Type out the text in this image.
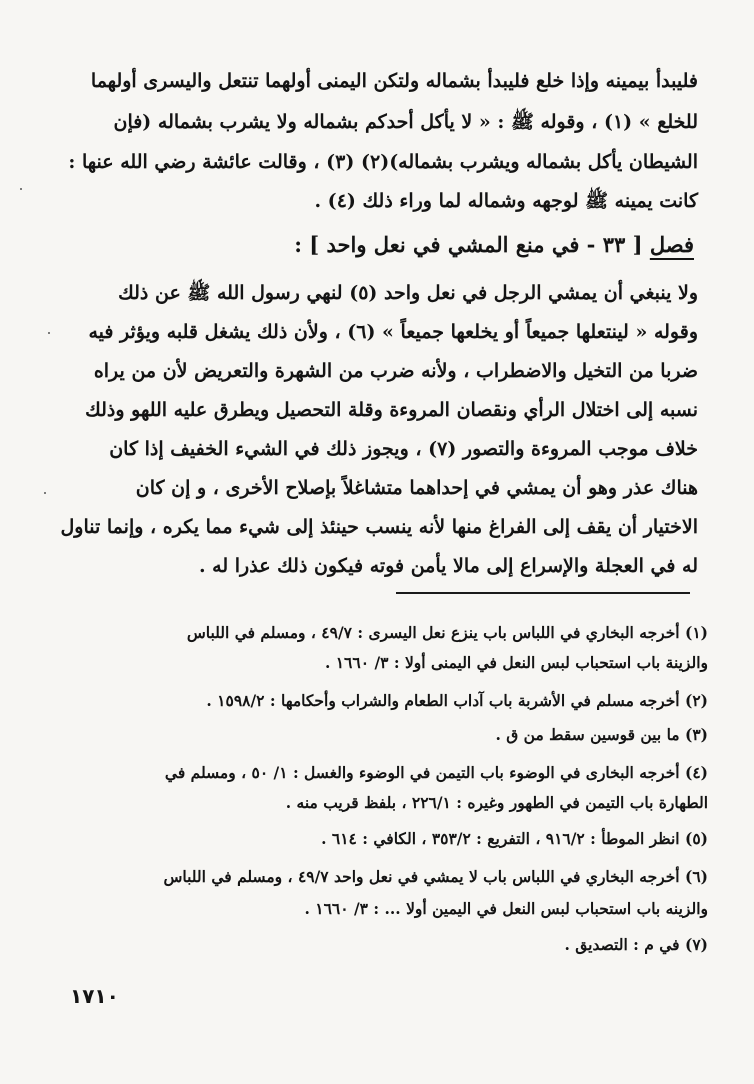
فليبدأ بيمينه وإذا خلع فليبدأ بشماله ولتكن اليمنى أولهما تنتعل واليسرى أولهما
للخلع » (١) ، وقوله ﷺ : « لا يأكل أحدكم بشماله ولا يشرب بشماله (فإن
الشيطان يأكل بشماله ويشرب بشماله)(٢) (٣) ، وقالت عائشة رضي الله عنها :
كانت يمينه ﷺ لوجهه وشماله لما وراء ذلك (٤) .
فصل [ ٣٣ - في منع المشي في نعل واحد ] :
ولا ينبغي أن يمشي الرجل في نعل واحد (٥) لنهي رسول الله ﷺ عن ذلك
وقوله « لينتعلها جميعاً أو يخلعها جميعاً » (٦) ، ولأن ذلك يشغل قلبه ويؤثر فيه
ضربا من التخيل والاضطراب ، ولأنه ضرب من الشهرة والتعريض لأن من يراه
نسبه إلى اختلال الرأي ونقصان المروءة وقلة التحصيل ويطرق عليه اللهو وذلك
خلاف موجب المروءة والتصور (٧) ، ويجوز ذلك في الشيء الخفيف إذا كان
هناك عذر وهو أن يمشي في إحداهما متشاغلاً بإصلاح الأخرى ، و إن كان
الاختيار أن يقف إلى الفراغ منها لأنه ينسب حينئذ إلى شيء مما يكره ، وإنما تناول
له في العجلة والإسراع إلى مالا يأمن فوته فيكون ذلك عذرا له .
(١) أخرجه البخاري في اللباس باب ينزع نعل اليسرى : ٤٩/٧ ، ومسلم في اللباس
والزينة باب استحباب لبس النعل في اليمنى أولا : ٣/ ١٦٦٠ .
(٢) أخرجه مسلم في الأشربة باب آداب الطعام والشراب وأحكامها : ١٥٩٨/٢ .
(٣) ما بين قوسين سقط من ق .
(٤) أخرجه البخارى في الوضوء باب التيمن في الوضوء والغسل : ١/ ٥٠ ، ومسلم في
الطهارة باب التيمن في الطهور وغيره : ٢٢٦/١ ، بلفظ قريب منه .
(٥) انظر الموطأ : ٩١٦/٢ ، التفريع : ٣٥٣/٢ ، الكافي : ٦١٤ .
(٦) أخرجه البخاري في اللباس باب لا يمشي في نعل واحد ٤٩/٧ ، ومسلم في اللباس
والزينه باب استحباب لبس النعل في اليمين أولا ... : ٣/ ١٦٦٠ .
(٧) في م : التصديق .
١٧١٠
